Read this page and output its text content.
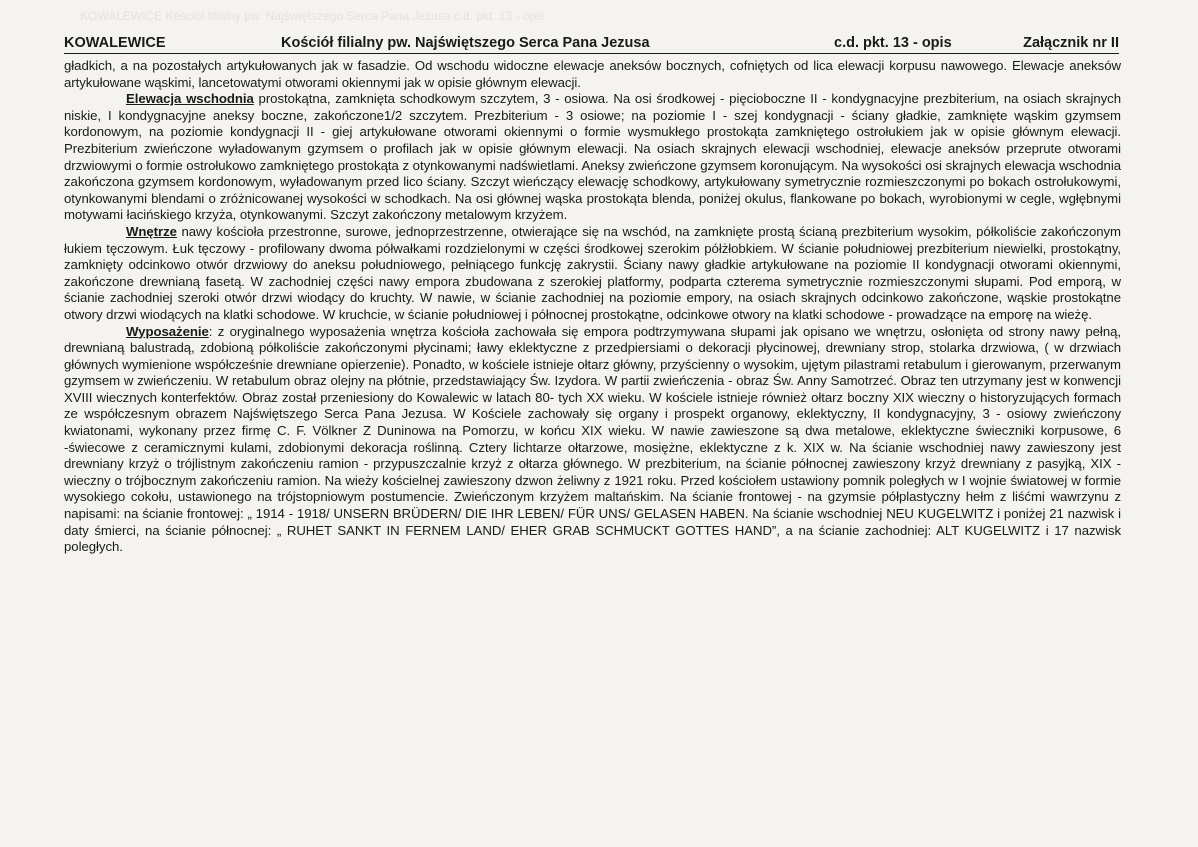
KOWALEWICE Kościół filialny pw. Najświętszego Serca Pana Jezusa c.d. pkt. 13 - opis
KOWALEWICE	Kościół filialny pw. Najświętszego Serca Pana Jezusa	c.d. pkt. 13 - opis	Załącznik nr II

gładkich, a na pozostałych artykułowanych jak w fasadzie. Od wschodu widoczne elewacje aneksów bocznych, cofniętych od lica elewacji korpusu nawowego. Elewacje aneksów artykułowane wąskimi, lancetowatymi otworami okiennymi jak w opisie głównym elewacji.

Elewacja wschodnia prostokątna, zamknięta schodkowym szczytem, 3 - osiowa. Na osi środkowej - pięcioboczne II - kondygnacyjne prezbiterium, na osiach skrajnych niskie, I kondygnacyjne aneksy boczne, zakończone1/2 szczytem. Prezbiterium - 3 osiowe; na poziomie I - szej kondygnacji - ściany gładkie, zamknięte wąskim gzymsem kordonowym, na poziomie kondygnacji II - giej artykułowane otworami okiennymi o formie wysmukłego prostokąta zamkniętego ostrołukiem jak w opisie głównym elewacji. Prezbiterium zwieńczone wyładowanym gzymsem o profilach jak w opisie głównym elewacji. Na osiach skrajnych elewacji wschodniej, elewacje aneksów przeprute otworami drzwiowymi o formie ostrołukowo zamkniętego prostokąta z otynkowanymi nadświetlami. Aneksy zwieńczone gzymsem koronującym. Na wysokości osi skrajnych elewacja wschodnia zakończona gzymsem kordonowym, wyładowanym przed lico ściany. Szczyt wieńczący elewację schodkowy, artykułowany symetrycznie rozmieszczonymi po bokach ostrołukowymi, otynkowanymi blendami o zróżnicowanej wysokości w schodkach. Na osi głównej wąska prostokąta blenda, poniżej okulus, flankowane po bokach, wyrobionymi w cegle, wgłębnymi motywami łacińskiego krzyża, otynkowanymi. Szczyt zakończony metalowym krzyżem.

Wnętrze nawy kościoła przestronne, surowe, jednoprzestrzenne, otwierające się na wschód, na zamknięte prostą ścianą prezbiterium wysokim, półkoliście zakończonym łukiem tęczowym. Łuk tęczowy - profilowany dwoma półwałkami rozdzielonymi w części środkowej szerokim półżłobkiem. W ścianie południowej prezbiterium niewielki, prostokątny, zamknięty odcinkowo otwór drzwiowy do aneksu południowego, pełniącego funkcję zakrystii. Ściany nawy gładkie artykułowane na poziomie II kondygnacji otworami okiennymi, zakończone drewnianą fasetą. W zachodniej części nawy empora zbudowana z szerokiej platformy, podparta czterema symetrycznie rozmieszczonymi słupami. Pod emporą, w ścianie zachodniej szeroki otwór drzwi wiodący do kruchty. W nawie, w ścianie zachodniej na poziomie empory, na osiach skrajnych odcinkowo zakończone, wąskie prostokątne otwory drzwi wiodących na klatki schodowe. W kruchcie, w ścianie południowej i północnej prostokątne, odcinkowe otwory na klatki schodowe - prowadzące na emporę na wieżę.

Wyposażenie: z oryginalnego wyposażenia wnętrza kościoła zachowała się empora podtrzymywana słupami jak opisano we wnętrzu, osłonięta od strony nawy pełną, drewnianą balustradą, zdobioną półkoliście zakończonymi płycinami; ławy eklektyczne z przedpiersiami o dekoracji płycinowej, drewniany strop, stolarka drzwiowa, ( w drzwiach głównych wymienione współcześnie drewniane opierzenie). Ponadto, w kościele istnieje ołtarz główny, przyścienny o wysokim, ujętym pilastrami retabulum i gierowanym, przerwanym gzymsem w zwieńczeniu. W retabulum obraz olejny na płótnie, przedstawiający Św. Izydora. W partii zwieńczenia - obraz Św. Anny Samotrzeć. Obraz ten utrzymany jest w konwencji XVIII wiecznych konterfektów. Obraz został przeniesiony do Kowalewic w latach 80- tych XX wieku. W kościele istnieje również ołtarz boczny XIX wieczny o historyzujących formach ze współczesnym obrazem Najświętszego Serca Pana Jezusa. W Kościele zachowały się organy i prospekt organowy, eklektyczny, II kondygnacyjny, 3 - osiowy zwieńczony kwiatonami, wykonany przez firmę C. F. Völkner Z Duninowa na Pomorzu, w końcu XIX wieku. W nawie zawieszone są dwa metalowe, eklektyczne świeczniki korpusowe, 6 -świecowe z ceramicznymi kulami, zdobionymi dekoracja roślinną. Cztery lichtarze ołtarzowe, mosiężne, eklektyczne z k. XIX w. Na ścianie wschodniej nawy zawieszony jest drewniany krzyż o trójlistnym zakończeniu ramion - przypuszczalnie krzyż z ołtarza głównego. W prezbiterium, na ścianie północnej zawieszony krzyż drewniany z pasyjką, XIX - wieczny o trójbocznym zakończeniu ramion. Na wieży kościelnej zawieszony dzwon żeliwny z 1921 roku. Przed kościołem ustawiony pomnik poległych w I wojnie światowej w formie wysokiego cokołu, ustawionego na trójstopniowym postumencie. Zwieńczonym krzyżem maltańskim. Na ścianie frontowej - na gzymsie półplastyczny hełm z liśćmi wawrzynu z napisami: na ścianie frontowej: „ 1914 - 1918/ UNSERN BRÜDERN/ DIE IHR LEBEN/ FÜR UNS/ GELASEN HABEN. Na ścianie wschodniej NEU KUGELWITZ i poniżej 21 nazwisk i daty śmierci, na ścianie północnej: „ RUHET SANKT IN FERNEM LAND/ EHER GRAB SCHMUCKT GOTTES HAND”, a na ścianie zachodniej: ALT KUGELWITZ i 17 nazwisk poległych.
